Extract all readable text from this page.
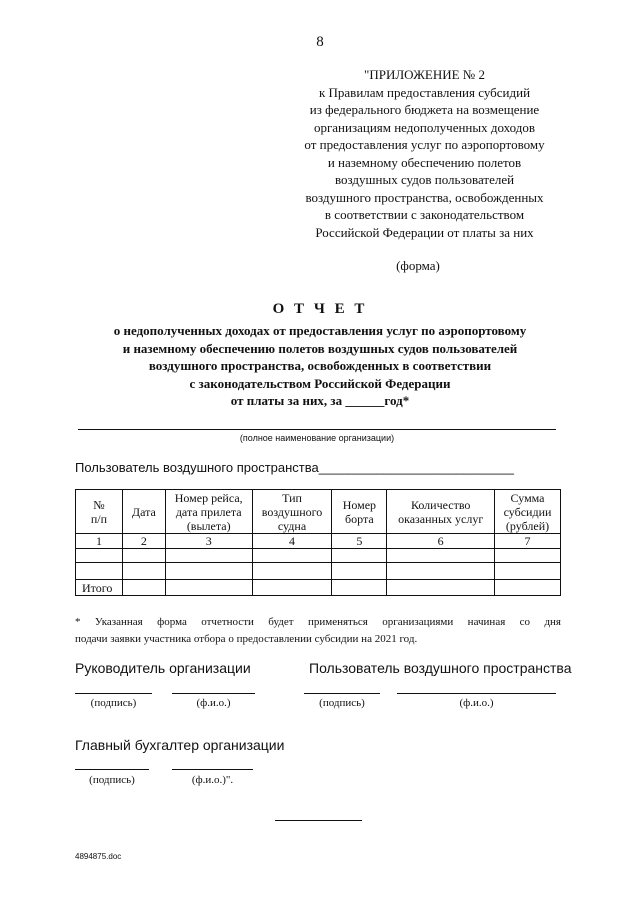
8
"ПРИЛОЖЕНИЕ № 2
к Правилам предоставления субсидий
из федерального бюджета на возмещение
организациям недополученных доходов
от предоставления услуг по аэропортовому
и наземному обеспечению полетов
воздушных судов пользователей
воздушного пространства, освобожденных
в соответствии с законодательством
Российской Федерации от платы за них
(форма)
О Т Ч Е Т
о недополученных доходах от предоставления услуг по аэропортовому
и наземному обеспечению полетов воздушных судов пользователей
воздушного пространства, освобожденных в соответствии
с законодательством Российской Федерации
от платы за них, за ______год*
(полное наименование организации)
Пользователь воздушного пространства___________________________
№
п/п	Дата	Номер рейса,
дата прилета
(вылета)	Тип
воздушного
судна	Номер
борта	Количество
оказанных услуг	Сумма
субсидии
(рублей)
1	2	3	4	5	6	7

Итого						
* Указанная форма отчетности будет применяться организациями начиная со дня
подачи заявки участника отбора о предоставлении субсидии на 2021 год.
Руководитель организации	Пользователь воздушного пространства
(подпись)	(ф.и.о.)	(подпись)	(ф.и.о.)
Главный бухгалтер организации
(подпись)	(ф.и.о.)".
4894875.doc
